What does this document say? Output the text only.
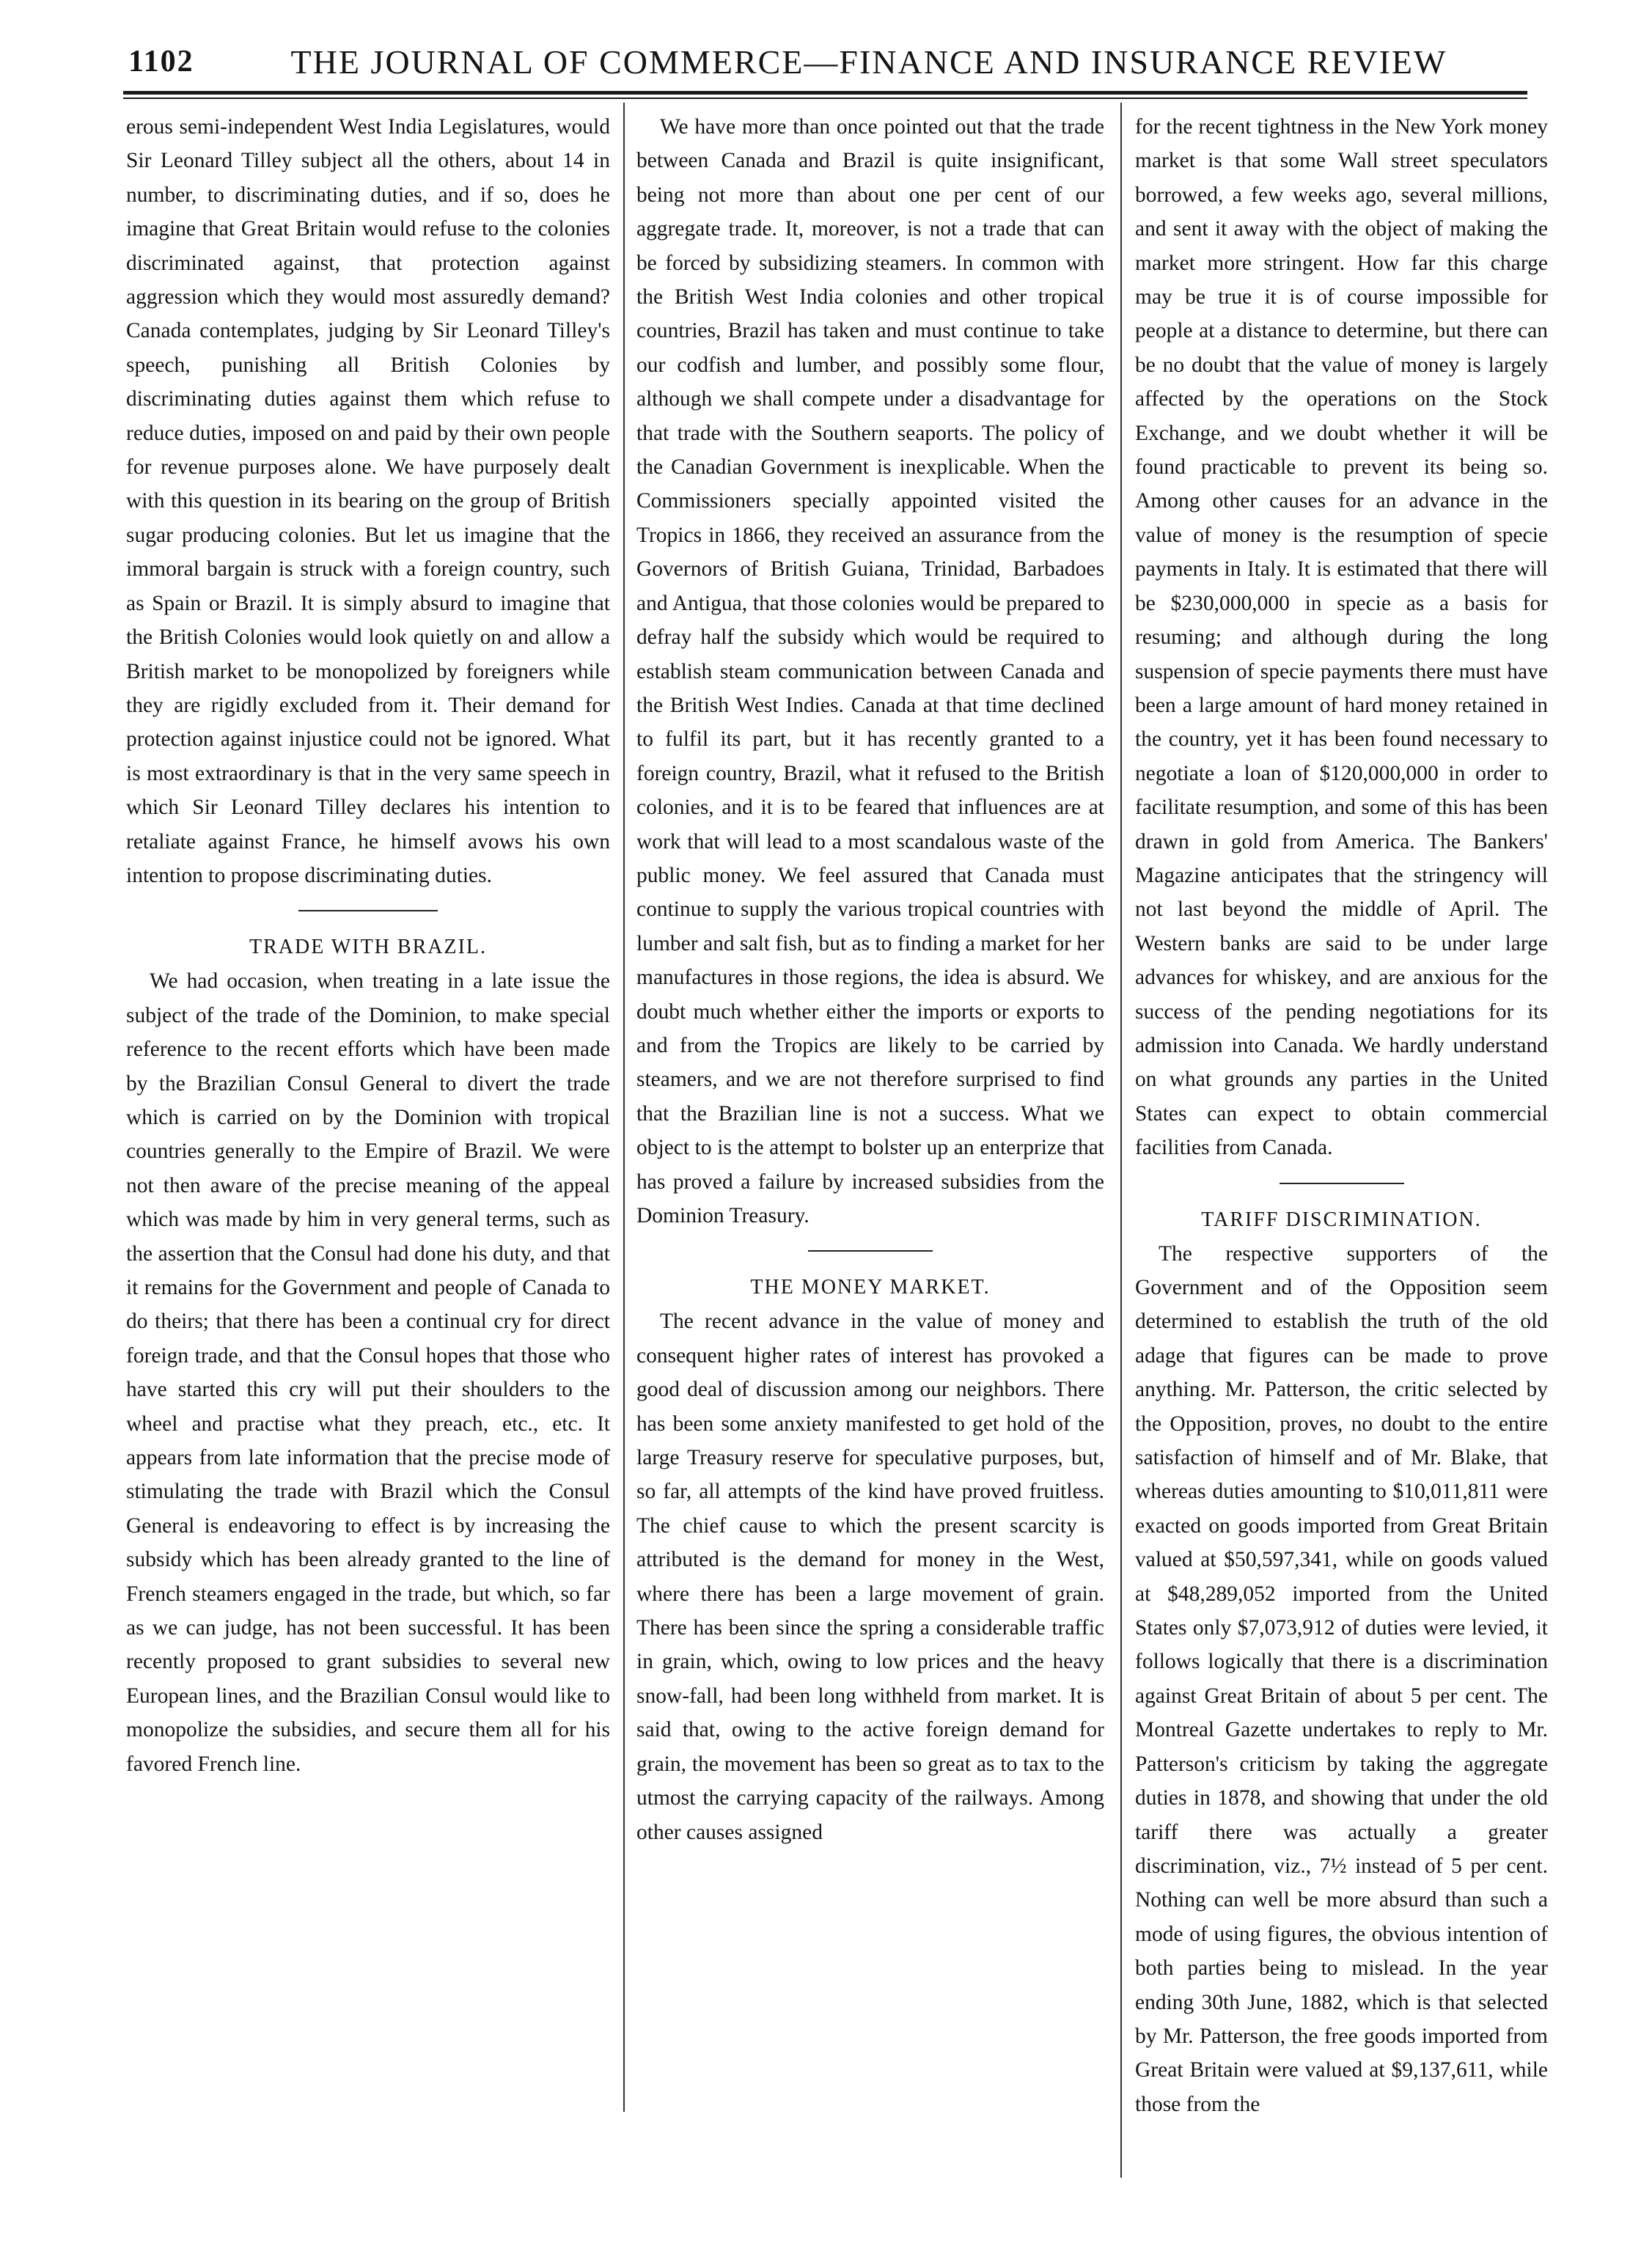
1102	THE JOURNAL OF COMMERCE—FINANCE AND INSURANCE REVIEW

erous semi-independent West India Legislatures, would Sir Leonard Tilley subject all the others, about 14 in number, to discriminating duties, and if so, does he imagine that Great Britain would refuse to the colonies discriminated against, that protection against aggression which they would most assuredly demand? Canada contemplates, judging by Sir Leonard Tilley's speech, punishing all British Colonies by discriminating duties against them which refuse to reduce duties, imposed on and paid by their own people for revenue purposes alone. We have purposely dealt with this question in its bearing on the group of British sugar producing colonies. But let us imagine that the immoral bargain is struck with a foreign country, such as Spain or Brazil. It is simply absurd to imagine that the British Colonies would look quietly on and allow a British market to be monopolized by foreigners while they are rigidly excluded from it. Their demand for protection against injustice could not be ignored. What is most extraordinary is that in the very same speech in which Sir Leonard Tilley declares his intention to retaliate against France, he himself avows his own intention to propose discriminating duties.

TRADE WITH BRAZIL.

We had occasion, when treating in a late issue the subject of the trade of the Dominion, to make special reference to the recent efforts which have been made by the Brazilian Consul General to divert the trade which is carried on by the Dominion with tropical countries generally to the Empire of Brazil. We were not then aware of the precise meaning of the appeal which was made by him in very general terms, such as the assertion that the Consul had done his duty, and that it remains for the Government and people of Canada to do theirs; that there has been a continual cry for direct foreign trade, and that the Consul hopes that those who have started this cry will put their shoulders to the wheel and practise what they preach, etc., etc. It appears from late information that the precise mode of stimulating the trade with Brazil which the Consul General is endeavoring to effect is by increasing the subsidy which has been already granted to the line of French steamers engaged in the trade, but which, so far as we can judge, has not been successful. It has been recently proposed to grant subsidies to several new European lines, and the Brazilian Consul would like to monopolize the subsidies, and secure them all for his favored French line.

We have more than once pointed out that the trade between Canada and Brazil is quite insignificant, being not more than about one per cent of our aggregate trade. It, moreover, is not a trade that can be forced by subsidizing steamers. In common with the British West India colonies and other tropical countries, Brazil has taken and must continue to take our codfish and lumber, and possibly some flour, although we shall compete under a disadvantage for that trade with the Southern seaports. The policy of the Canadian Government is inexplicable. When the Commissioners specially appointed visited the Tropics in 1866, they received an assurance from the Governors of British Guiana, Trinidad, Barbadoes and Antigua, that those colonies would be prepared to defray half the subsidy which would be required to establish steam communication between Canada and the British West Indies. Canada at that time declined to fulfil its part, but it has recently granted to a foreign country, Brazil, what it refused to the British colonies, and it is to be feared that influences are at work that will lead to a most scandalous waste of the public money. We feel assured that Canada must continue to supply the various tropical countries with lumber and salt fish, but as to finding a market for her manufactures in those regions, the idea is absurd. We doubt much whether either the imports or exports to and from the Tropics are likely to be carried by steamers, and we are not therefore surprised to find that the Brazilian line is not a success. What we object to is the attempt to bolster up an enterprize that has proved a failure by increased subsidies from the Dominion Treasury.

THE MONEY MARKET.

The recent advance in the value of money and consequent higher rates of interest has provoked a good deal of discussion among our neighbors. There has been some anxiety manifested to get hold of the large Treasury reserve for speculative purposes, but, so far, all attempts of the kind have proved fruitless. The chief cause to which the present scarcity is attributed is the demand for money in the West, where there has been a large movement of grain. There has been since the spring a considerable traffic in grain, which, owing to low prices and the heavy snow-fall, had been long withheld from market. It is said that, owing to the active foreign demand for grain, the movement has been so great as to tax to the utmost the carrying capacity of the railways. Among other causes assigned

for the recent tightness in the New York money market is that some Wall street speculators borrowed, a few weeks ago, several millions, and sent it away with the object of making the market more stringent. How far this charge may be true it is of course impossible for people at a distance to determine, but there can be no doubt that the value of money is largely affected by the operations on the Stock Exchange, and we doubt whether it will be found practicable to prevent its being so. Among other causes for an advance in the value of money is the resumption of specie payments in Italy. It is estimated that there will be $230,000,000 in specie as a basis for resuming; and although during the long suspension of specie payments there must have been a large amount of hard money retained in the country, yet it has been found necessary to negotiate a loan of $120,000,000 in order to facilitate resumption, and some of this has been drawn in gold from America. The Bankers' Magazine anticipates that the stringency will not last beyond the middle of April. The Western banks are said to be under large advances for whiskey, and are anxious for the success of the pending negotiations for its admission into Canada. We hardly understand on what grounds any parties in the United States can expect to obtain commercial facilities from Canada.

TARIFF DISCRIMINATION.

The respective supporters of the Government and of the Opposition seem determined to establish the truth of the old adage that figures can be made to prove anything. Mr. Patterson, the critic selected by the Opposition, proves, no doubt to the entire satisfaction of himself and of Mr. Blake, that whereas duties amounting to $10,011,811 were exacted on goods imported from Great Britain valued at $50,597,341, while on goods valued at $48,289,052 imported from the United States only $7,073,912 of duties were levied, it follows logically that there is a discrimination against Great Britain of about 5 per cent. The Montreal Gazette undertakes to reply to Mr. Patterson's criticism by taking the aggregate duties in 1878, and showing that under the old tariff there was actually a greater discrimination, viz., 7½ instead of 5 per cent. Nothing can well be more absurd than such a mode of using figures, the obvious intention of both parties being to mislead. In the year ending 30th June, 1882, which is that selected by Mr. Patterson, the free goods imported from Great Britain were valued at $9,137,611, while those from the
